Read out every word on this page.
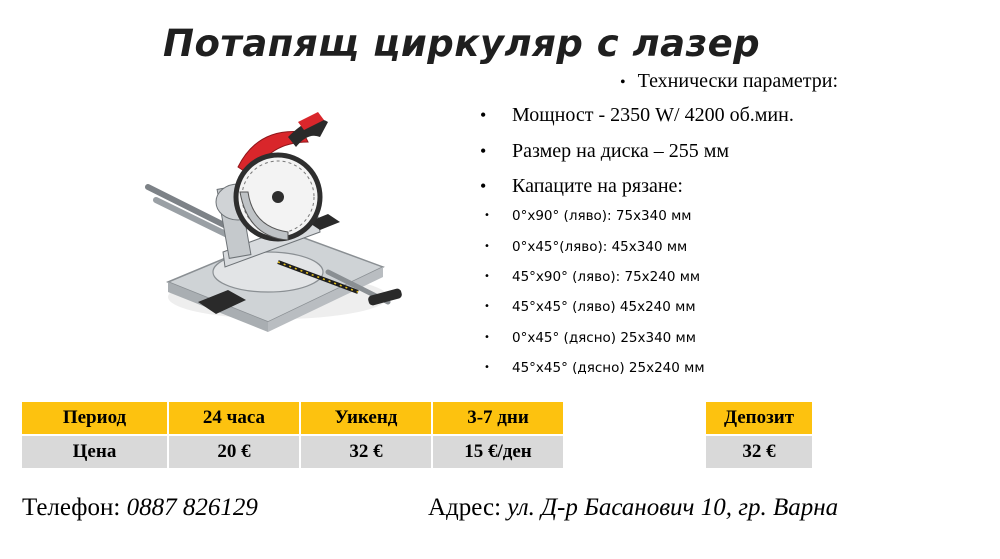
Потапящ циркуляр с лазер
• Технически параметри:
• Мощност - 2350 W/ 4200 об.мин.
• Размер на диска – 255 мм
• Капаците на рязане:
• 0°x90° (ляво): 75x340 мм
• 0°x45°(ляво): 45x340 мм
• 45°x90° (ляво): 75x240 мм
• 45°x45° (ляво) 45x240 мм
• 0°x45° (дясно) 25x340 мм
• 45°x45° (дясно) 25x240 мм
Период	24 часа	Уикенд	3-7 дни
Цена	20 €	32 €	15 €/ден
Депозит
32 €
Телефон: 0887 826129	Адрес: ул. Д-р Басанович 10, гр. Варна
